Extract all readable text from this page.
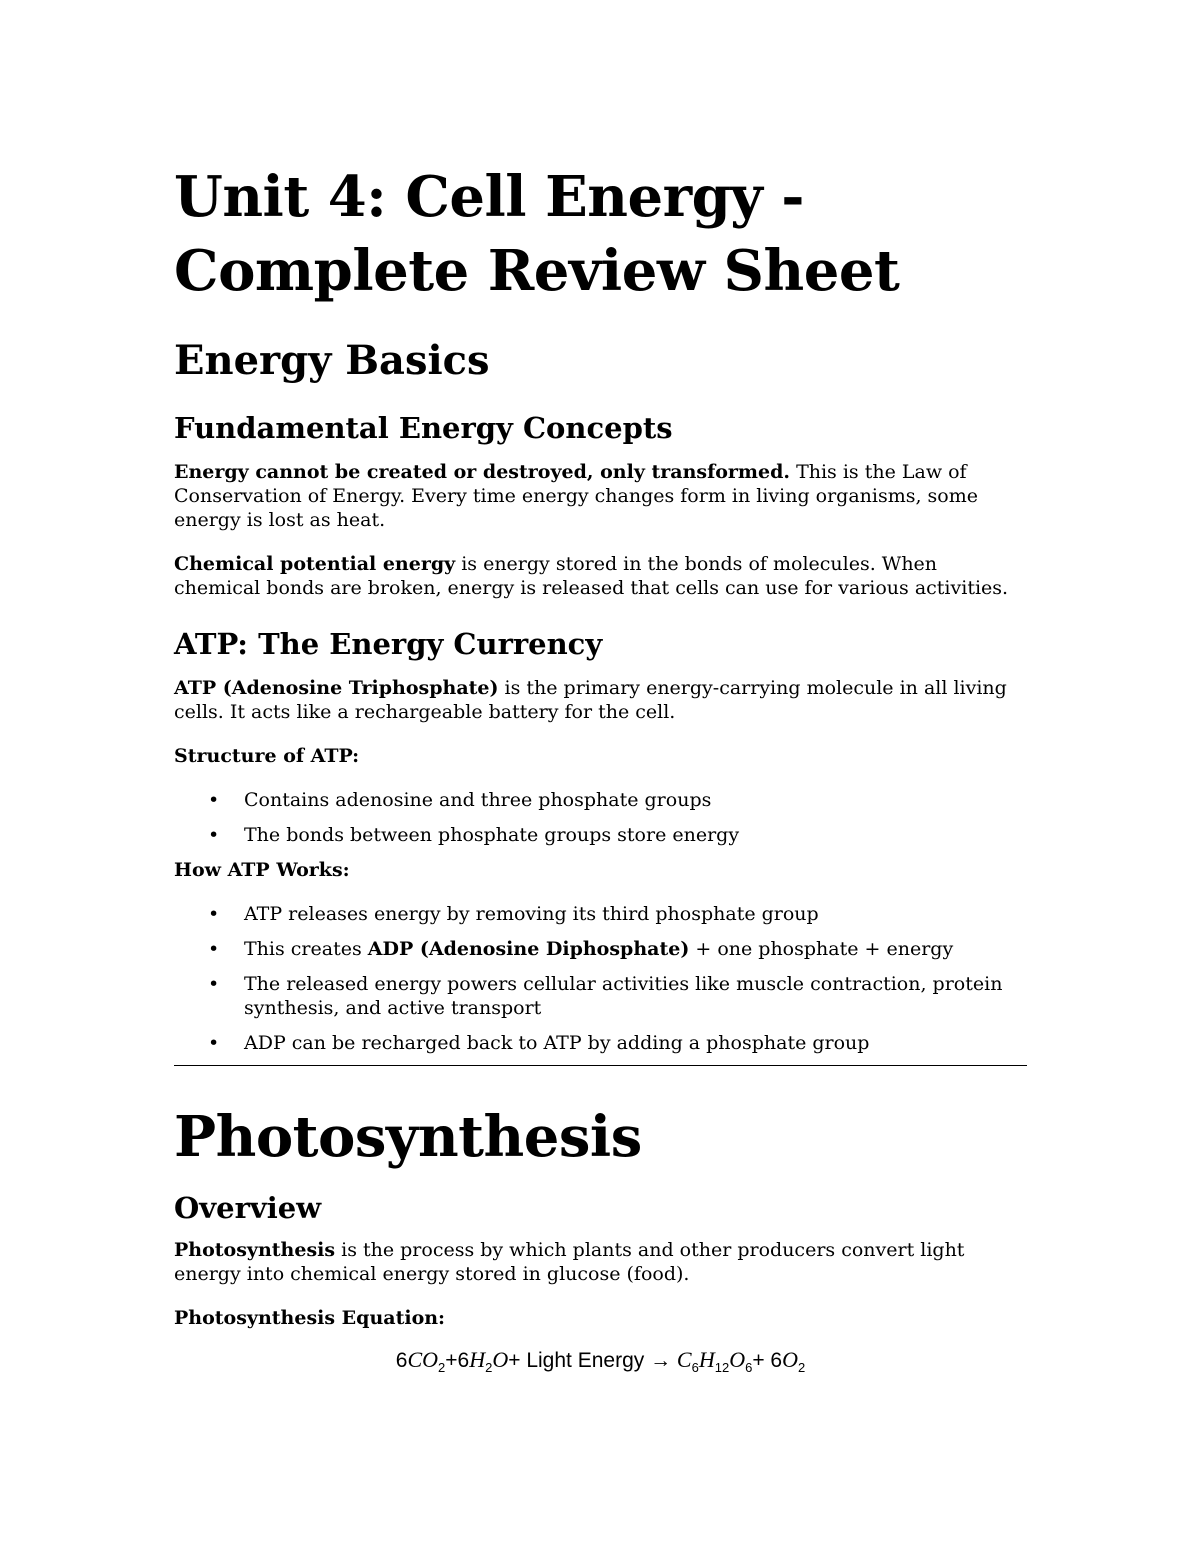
Unit 4: Cell Energy - Complete Review Sheet
Energy Basics
Fundamental Energy Concepts

Energy cannot be created or destroyed, only transformed. This is the Law of Conservation of Energy. Every time energy changes form in living organisms, some energy is lost as heat.

Chemical potential energy is energy stored in the bonds of molecules. When chemical bonds are broken, energy is released that cells can use for various activities.

ATP: The Energy Currency

ATP (Adenosine Triphosphate) is the primary energy-carrying molecule in all living cells. It acts like a rechargeable battery for the cell.

Structure of ATP:

• Contains adenosine and three phosphate groups
• The bonds between phosphate groups store energy

How ATP Works:

• ATP releases energy by removing its third phosphate group
• This creates ADP (Adenosine Diphosphate) + one phosphate + energy
• The released energy powers cellular activities like muscle contraction, protein synthesis, and active transport
• ADP can be recharged back to ATP by adding a phosphate group
Photosynthesis
Overview

Photosynthesis is the process by which plants and other producers convert light energy into chemical energy stored in glucose (food).

Photosynthesis Equation:

$6CO_2+6H_2O+$ Light Energy → $C_6H_{12}O_6+ 6O_2$
